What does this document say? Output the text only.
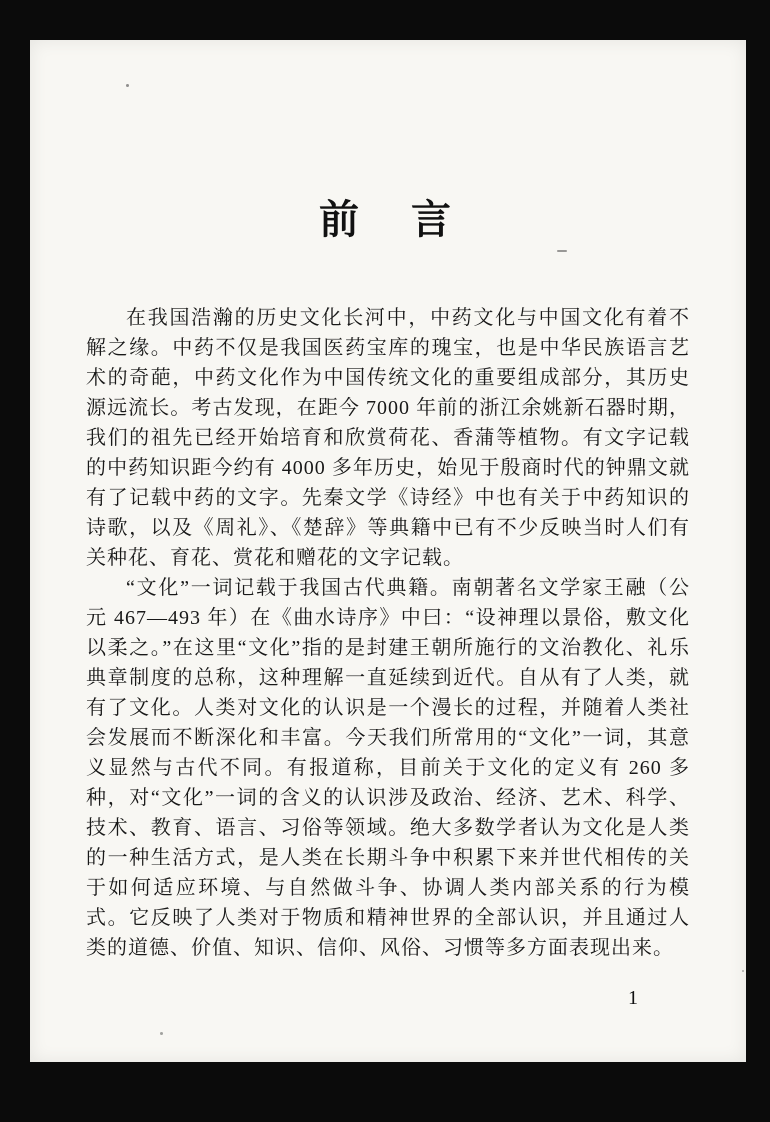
前　言

在我国浩瀚的历史文化长河中，中药文化与中国文化有着不解之缘。中药不仅是我国医药宝库的瑰宝，也是中华民族语言艺术的奇葩，中药文化作为中国传统文化的重要组成部分，其历史源远流长。考古发现，在距今 7000 年前的浙江余姚新石器时期，我们的祖先已经开始培育和欣赏荷花、香蒲等植物。有文字记载的中药知识距今约有 4000 多年历史，始见于殷商时代的钟鼎文就有了记载中药的文字。先秦文学《诗经》中也有关于中药知识的诗歌，以及《周礼》、《楚辞》等典籍中已有不少反映当时人们有关种花、育花、赏花和赠花的文字记载。

“文化”一词记载于我国古代典籍。南朝著名文学家王融（公元 467—493 年）在《曲水诗序》中曰：“设神理以景俗，敷文化以柔之。”在这里“文化”指的是封建王朝所施行的文治教化、礼乐典章制度的总称，这种理解一直延续到近代。自从有了人类，就有了文化。人类对文化的认识是一个漫长的过程，并随着人类社会发展而不断深化和丰富。今天我们所常用的“文化”一词，其意义显然与古代不同。有报道称，目前关于文化的定义有 260 多种，对“文化”一词的含义的认识涉及政治、经济、艺术、科学、技术、教育、语言、习俗等领域。绝大多数学者认为文化是人类的一种生活方式，是人类在长期斗争中积累下来并世代相传的关于如何适应环境、与自然做斗争、协调人类内部关系的行为模式。它反映了人类对于物质和精神世界的全部认识，并且通过人类的道德、价值、知识、信仰、风俗、习惯等多方面表现出来。

1
